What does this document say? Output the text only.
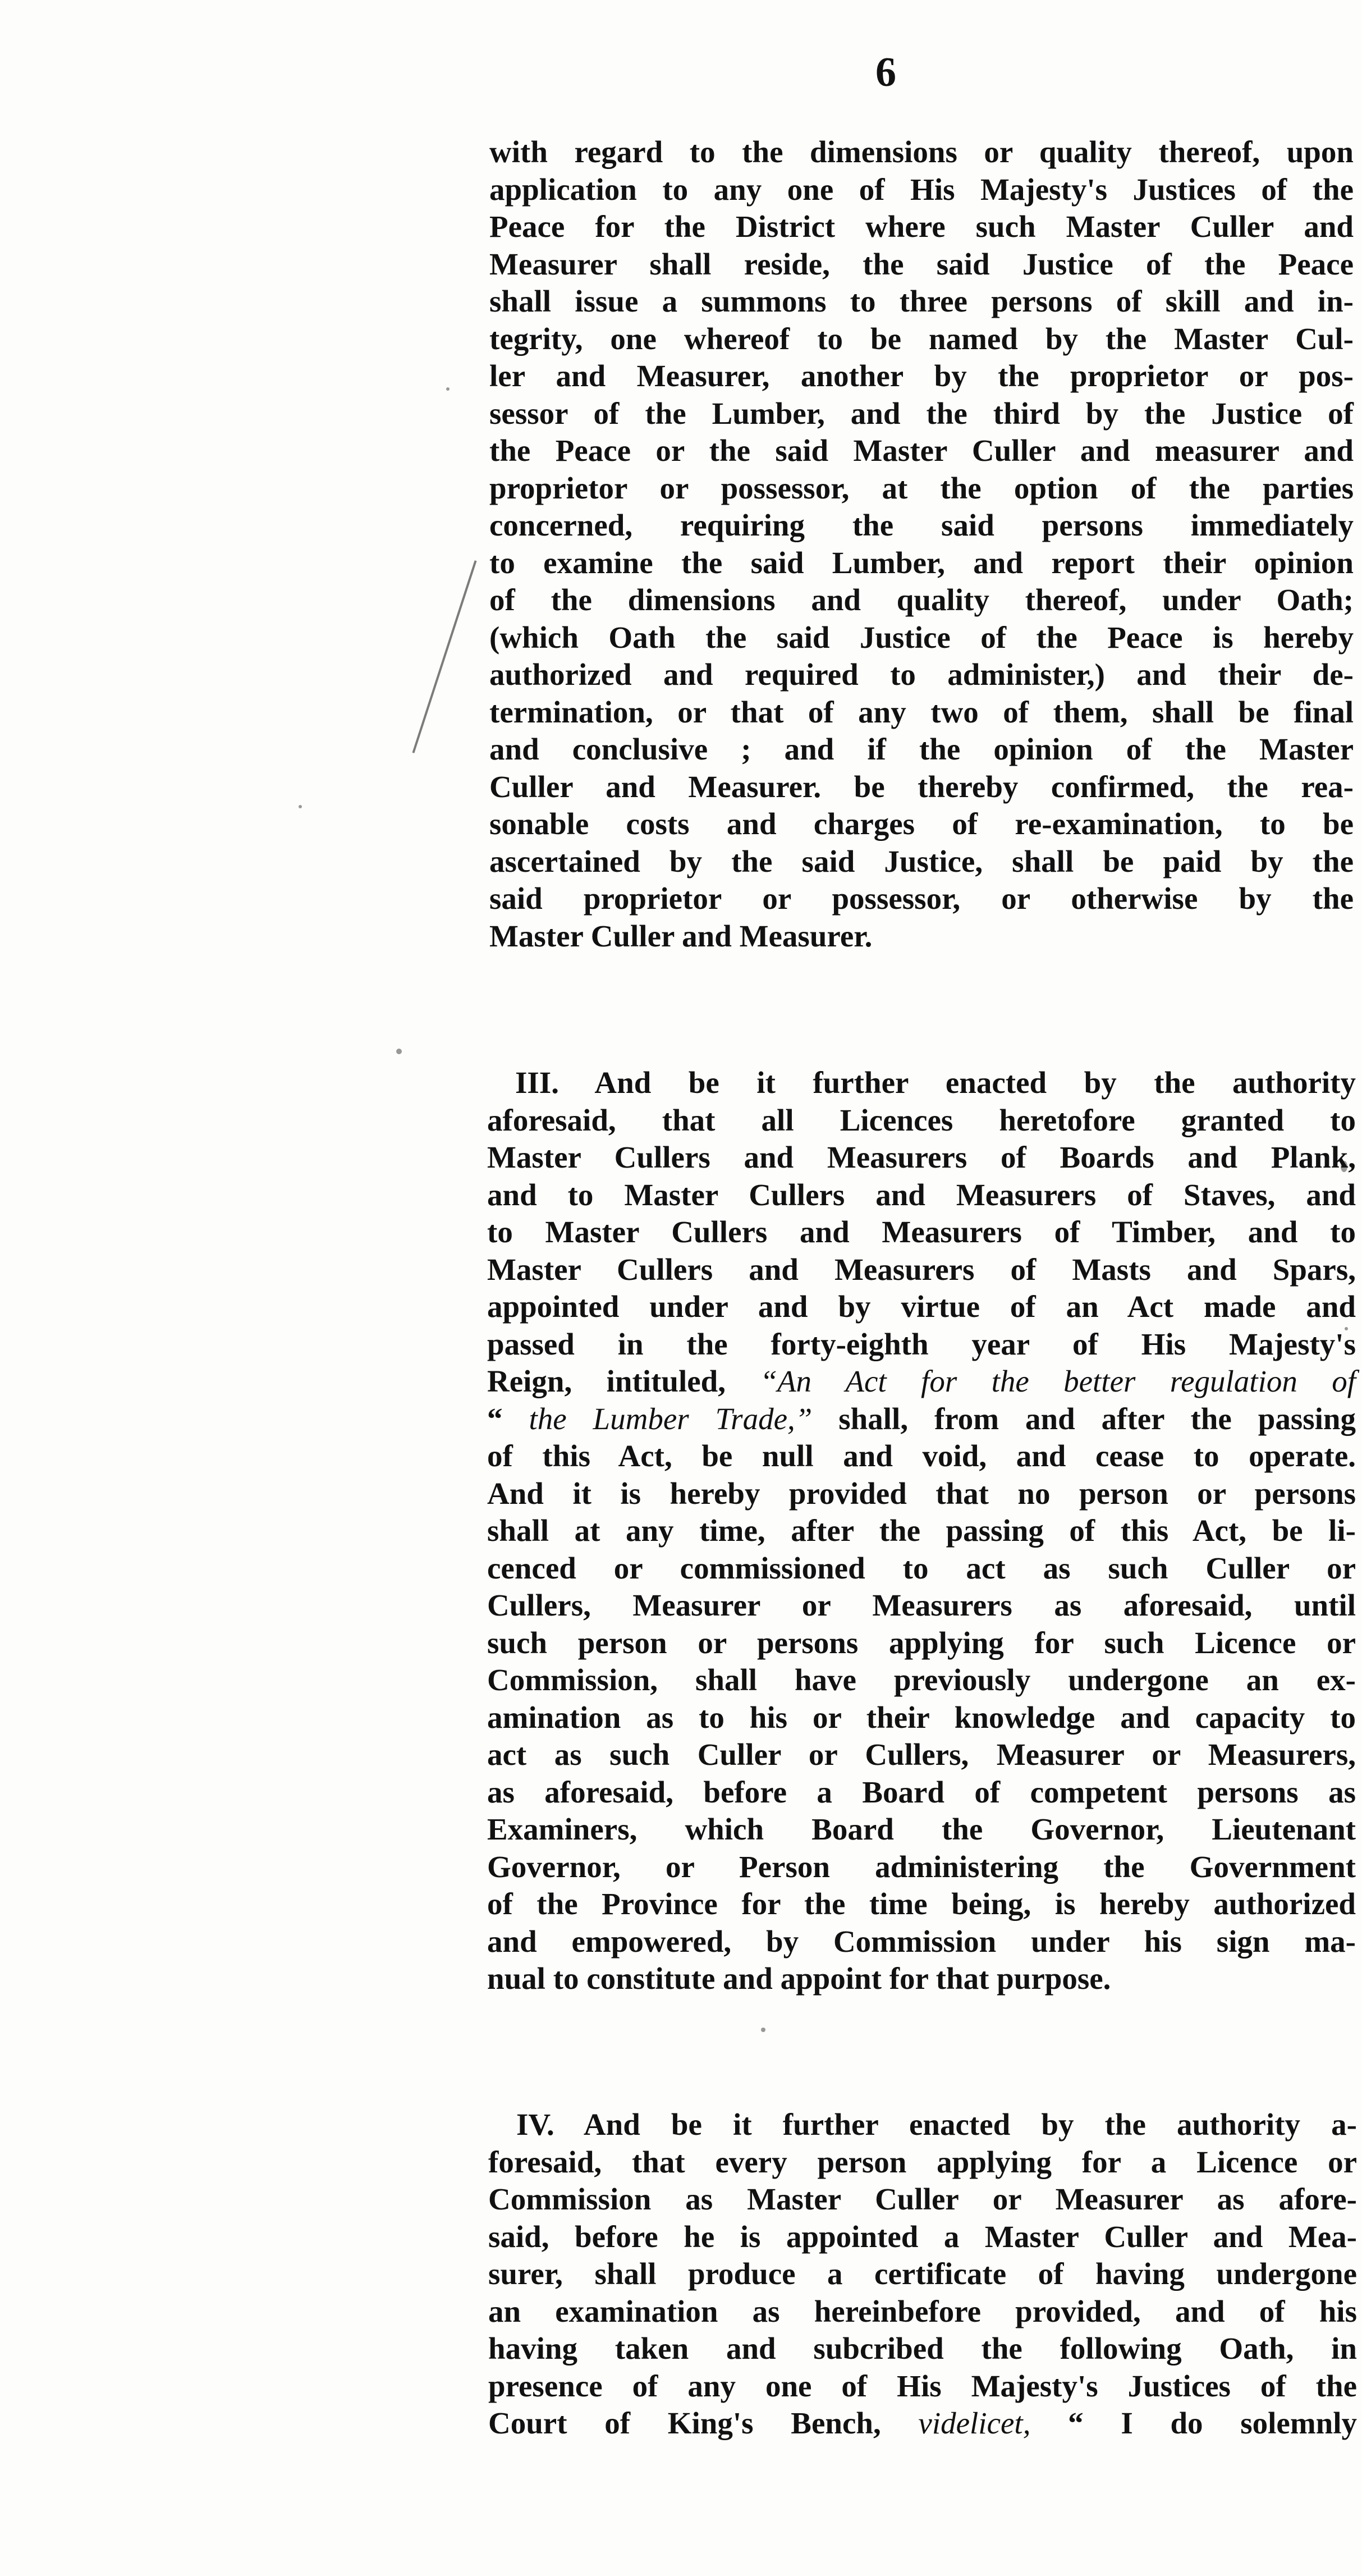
6
with regard to the dimensions or quality thereof, upon
application to any one of His Majesty's Justices of the
Peace for the District where such Master Culler and
Measurer shall reside, the said Justice of the Peace
shall issue a summons to three persons of skill and in-
tegrity, one whereof to be named by the Master Cul-
ler and Measurer, another by the proprietor or pos-
sessor of the Lumber, and the third by the Justice of
the Peace or the said Master Culler and measurer and
proprietor or possessor, at the option of the parties
concerned, requiring the said persons immediately
to examine the said Lumber, and report their opinion
of the dimensions and quality thereof, under Oath;
(which Oath the said Justice of the Peace is hereby
authorized and required to administer,) and their de-
termination, or that of any two of them, shall be final
and conclusive ; and if the opinion of the Master
Culler and Measurer. be thereby confirmed, the rea-
sonable costs and charges of re-examination, to be
ascertained by the said Justice, shall be paid by the
said proprietor or possessor, or otherwise by the
Master Culler and Measurer.
III. And be it further enacted by the authority
aforesaid, that all Licences heretofore granted to
Master Cullers and Measurers of Boards and Plank,
and to Master Cullers and Measurers of Staves, and
to Master Cullers and Measurers of Timber, and to
Master Cullers and Measurers of Masts and Spars,
appointed under and by virtue of an Act made and
passed in the forty-eighth year of His Majesty's
Reign, intituled, “An Act for the better regulation of
“ the Lumber Trade,” shall, from and after the passing
of this Act, be null and void, and cease to operate.
And it is hereby provided that no person or persons
shall at any time, after the passing of this Act, be li-
cenced or commissioned to act as such Culler or
Cullers, Measurer or Measurers as aforesaid, until
such person or persons applying for such Licence or
Commission, shall have previously undergone an ex-
amination as to his or their knowledge and capacity to
act as such Culler or Cullers, Measurer or Measurers,
as aforesaid, before a Board of competent persons as
Examiners, which Board the Governor, Lieutenant
Governor, or Person administering the Government
of the Province for the time being, is hereby authorized
and empowered, by Commission under his sign ma-
nual to constitute and appoint for that purpose.
IV. And be it further enacted by the authority a-
foresaid, that every person applying for a Licence or
Commission as Master Culler or Measurer as afore-
said, before he is appointed a Master Culler and Mea-
surer, shall produce a certificate of having undergone
an examination as hereinbefore provided, and of his
having taken and subcribed the following Oath, in
presence of any one of His Majesty's Justices of the
Court of King's Bench, videlicet, “ I do solemnly
